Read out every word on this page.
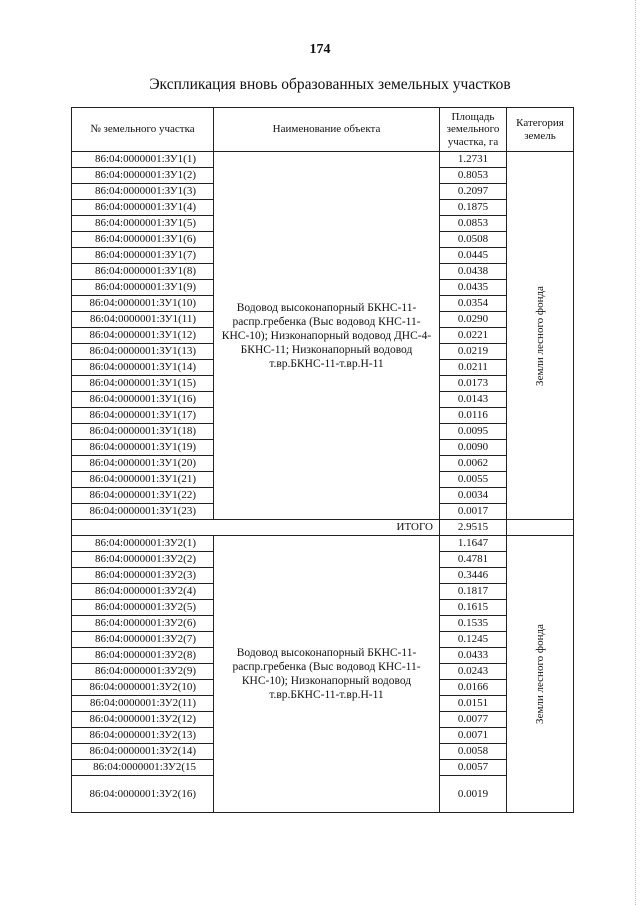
174
Экспликация вновь образованных земельных участков
№ земельного участка	Наименование объекта	Площадь земельного участка, га	Категория земель
86:04:0000001:ЗУ1(1)	Водовод высоконапорный БКНС-11-распр.гребенка (Выс водовод КНС-11-КНС-10); Низконапорный водовод ДНС-4-БКНС-11; Низконапорный водовод т.вр.БКНС-11-т.вр.Н-11	1.2731	Земли лесного фонда

86:04:0000001:ЗУ1(2)		0.8053	
86:04:0000001:ЗУ1(3)		0.2097	
86:04:0000001:ЗУ1(4)		0.1875	
86:04:0000001:ЗУ1(5)		0.0853	
86:04:0000001:ЗУ1(6)		0.0508	
86:04:0000001:ЗУ1(7)		0.0445	
86:04:0000001:ЗУ1(8)		0.0438	
86:04:0000001:ЗУ1(9)		0.0435	
86:04:0000001:ЗУ1(10)		0.0354	
86:04:0000001:ЗУ1(11)		0.0290	
86:04:0000001:ЗУ1(12)		0.0221	
86:04:0000001:ЗУ1(13)		0.0219	
86:04:0000001:ЗУ1(14)		0.0211	
86:04:0000001:ЗУ1(15)		0.0173	
86:04:0000001:ЗУ1(16)		0.0143	
86:04:0000001:ЗУ1(17)		0.0116	
86:04:0000001:ЗУ1(18)		0.0095	
86:04:0000001:ЗУ1(19)		0.0090	
86:04:0000001:ЗУ1(20)		0.0062	
86:04:0000001:ЗУ1(21)		0.0055	
86:04:0000001:ЗУ1(22)		0.0034	
86:04:0000001:ЗУ1(23)		0.0017	
ИТОГО		2.9515	
86:04:0000001:ЗУ2(1)	Водовод высоконапорный БКНС-11-распр.гребенка (Выс водовод КНС-11-КНС-10); Низконапорный водовод т.вр.БКНС-11-т.вр.Н-11	1.1647	Земли лесного фонда

86:04:0000001:ЗУ2(2)		0.4781	
86:04:0000001:ЗУ2(3)		0.3446	
86:04:0000001:ЗУ2(4)		0.1817	
86:04:0000001:ЗУ2(5)		0.1615	
86:04:0000001:ЗУ2(6)		0.1535	
86:04:0000001:ЗУ2(7)		0.1245	
86:04:0000001:ЗУ2(8)		0.0433	
86:04:0000001:ЗУ2(9)		0.0243	
86:04:0000001:ЗУ2(10)		0.0166	
86:04:0000001:ЗУ2(11)		0.0151	
86:04:0000001:ЗУ2(12)		0.0077	
86:04:0000001:ЗУ2(13)		0.0071	
86:04:0000001:ЗУ2(14)		0.0058	
86:04:0000001:ЗУ2(15		0.0057	
86:04:0000001:ЗУ2(16)		0.0019	
